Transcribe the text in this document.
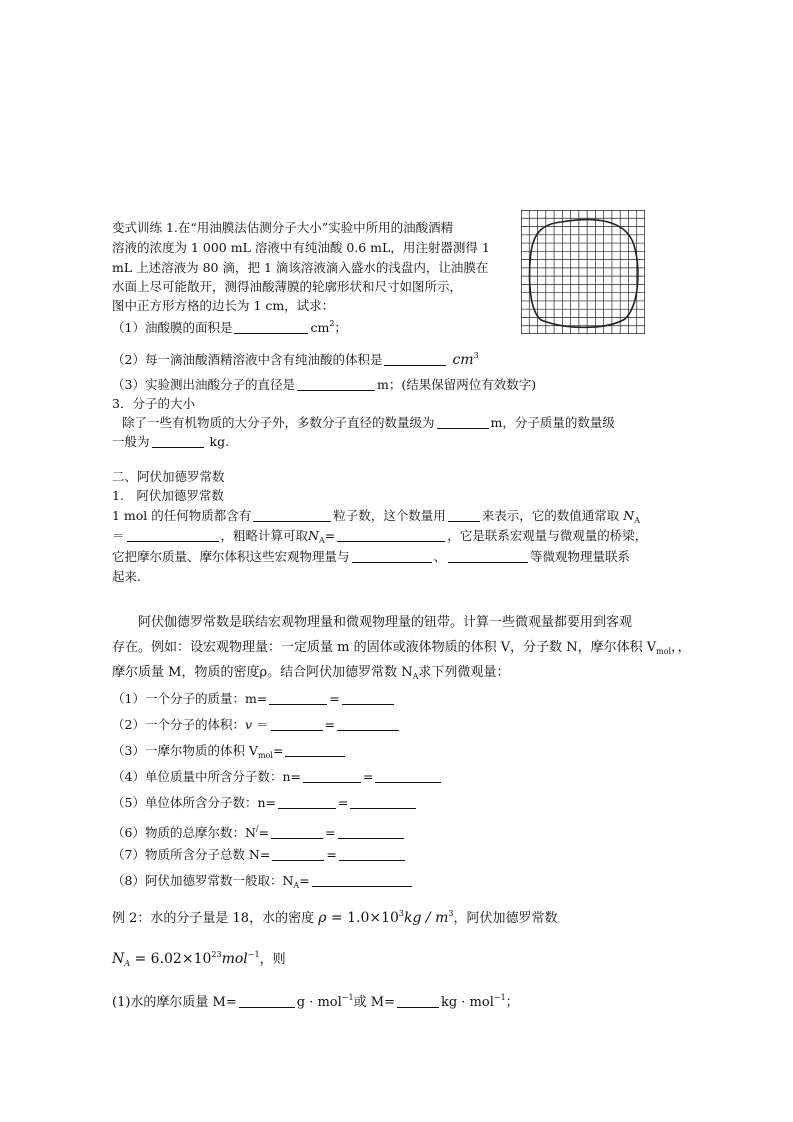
变式训练 1.在“用油膜法估测分子大小”实验中所用的油酸酒精
溶液的浓度为 1 000 mL 溶液中有纯油酸 0.6 mL，用注射器测得 1
mL 上述溶液为 80 滴，把 1 滴该溶液滴入盛水的浅盘内，让油膜在
水面上尽可能散开，测得油酸薄膜的轮廓形状和尺寸如图所示，
图中正方形方格的边长为 1 cm，试求：
（1）油酸膜的面积是	$cm^2$；
（2）每一滴油酸酒精溶液中含有纯油酸的体积是	$cm^3$
（3）实验测出油酸分子的直径是	m；(结果保留两位有效数字)
3．分子的大小
除了一些有机物质的大分子外，多数分子直径的数量级为	m，分子质量的数量级
一般为	kg.
二、阿伏加德罗常数
1.　阿伏加德罗常数
1 mol 的任何物质都含有	粒子数，这个数量用	来表示，它的数值通常取 $N_A$
＝	，粗略计算可取$N_A=$	，它是联系宏观量与微观量的桥梁，
它把摩尔质量、摩尔体积这些宏观物理量与	、	等微观物理量联系
起来.
阿伏伽德罗常数是联结宏观物理量和微观物理量的钮带。计算一些微观量都要用到客观
存在。例如：设宏观物理量：一定质量 m 的固体或液体物质的体积 V，分子数 N，摩尔体积 $V_{mol}$，，
摩尔质量 M，物质的密度ρ。结合阿伏加德罗常数 $N_A$求下列微观量：
（1）一个分子的质量：m=	=
（2）一个分子的体积：v ＝	=
（3）一摩尔物质的体积 $V_{mol}=$
（4）单位质量中所含分子数：n=	=
（5）单位体所含分子数：n=	=
（6）物质的总摩尔数：N/=	=
（7）物质所含分子总数 N=	=
（8）阿伏加德罗常数一般取：$N_A=$
例 2：水的分子量是 18，水的密度 $\rho = 1.0\times 10^3kg / m^3$，阿伏加德罗常数
$N_A = 6.02\times 10^{23}mol^{-1}$，则
(1)水的摩尔质量 M=	g · mol$^{-1}$或 M=	kg · mol$^{-1}$；
